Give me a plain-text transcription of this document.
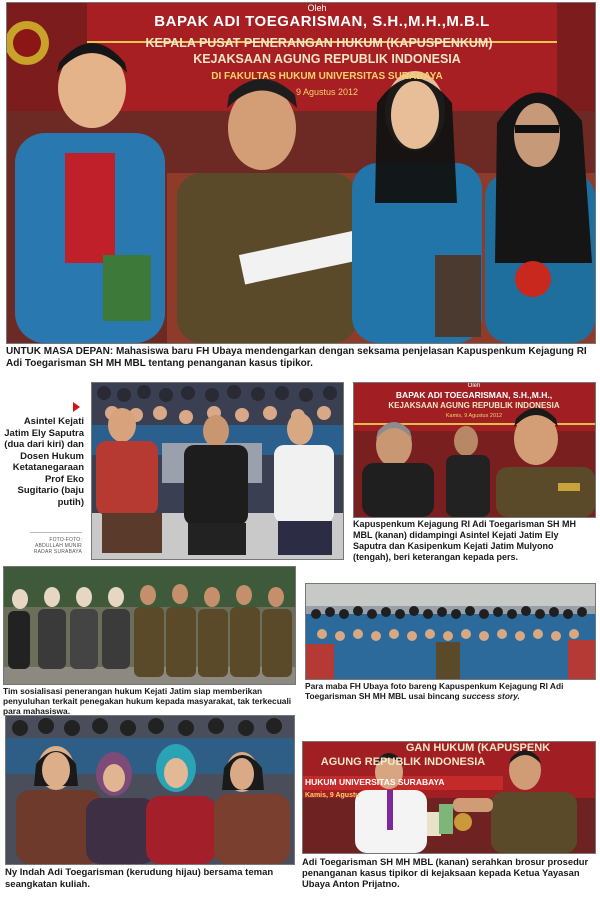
Oleh
BAPAK ADI TOEGARISMAN, S.H.,M.H.,M.B.L
KEPALA PUSAT PENERANGAN HUKUM (KAPUSPENKUM)
KEJAKSAAN AGUNG REPUBLIK INDONESIA
DI FAKULTAS HUKUM UNIVERSITAS SURABAYA
9 Agustus 2012
UNTUK MASA DEPAN: Mahasiswa baru FH Ubaya mendengarkan dengan seksama penjelasan Kapuspenkum Kejagung RI Adi Toegarisman SH MH MBL tentang penanganan kasus tipikor.
Asintel Kejati Jatim Ely Saputra (dua dari kiri) dan Dosen Hukum Ketatanegaraan Prof Eko Sugitario (baju putih)
FOTO-FOTO:
ABDULLAH MUNIR
RADAR SURABAYA
Oleh
BAPAK ADI TOEGARISMAN, S.H.,M.H.,
KEJAKSAAN AGUNG REPUBLIK INDONESIA
Kamis, 9 Agustus 2012
Kapuspenkum Kejagung RI Adi Toegarisman SH MH MBL (kanan) didampingi Asintel Kejati Jatim Ely Saputra dan Kasipenkum Kejati Jatim Mulyono (tengah), beri keterangan kepada pers.
Tim sosialisasi penerangan hukum Kejati Jatim siap memberikan penyuluhan terkait penegakan hukum kepada masyarakat, tak terkecuali para mahasiswa.
Para maba FH Ubaya foto bareng Kapuspenkum Kejagung RI Adi Toegarisman SH MH MBL usai bincang success story.
Ny Indah Adi Toegarisman (kerudung hijau) bersama teman seangkatan kuliah.
GAN HUKUM (KAPUSPENK
AGUNG REPUBLIK INDONESIA
HUKUM UNIVERSITAS SURABAYA
Kamis, 9 Agustu
Adi Toegarisman SH MH MBL (kanan) serahkan brosur prosedur penanganan kasus tipikor di kejaksaan kepada Ketua Yayasan Ubaya Anton Prijatno.
